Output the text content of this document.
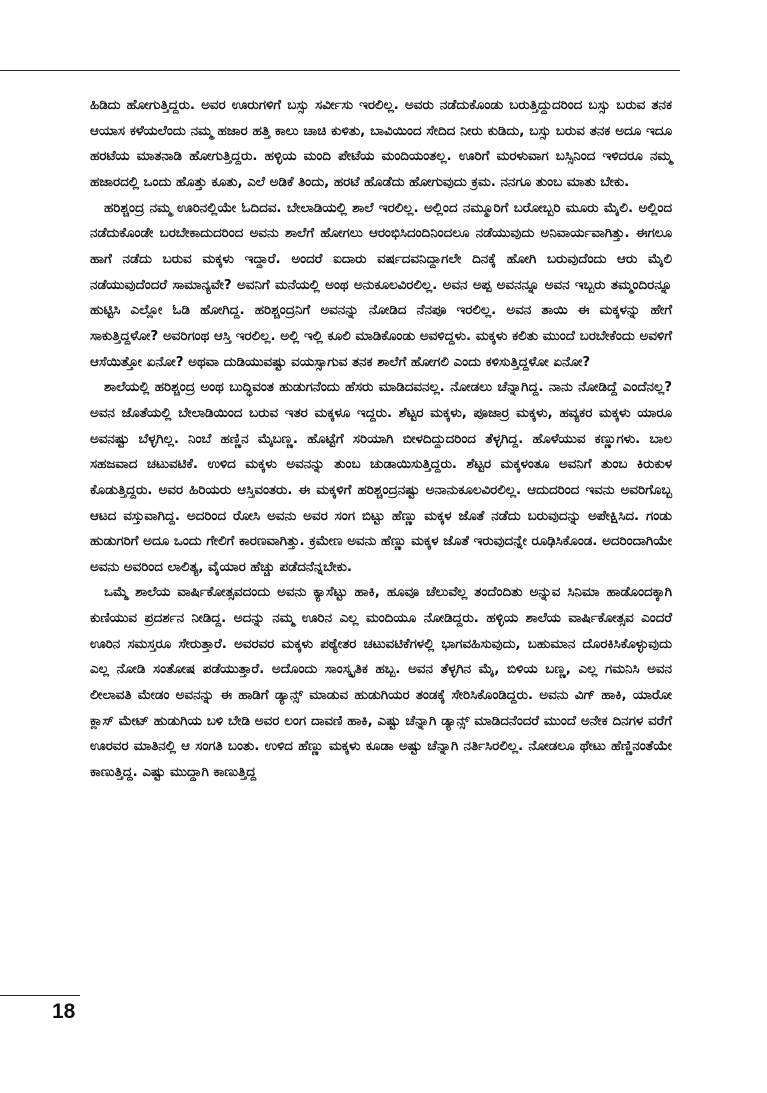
ಹಿಡಿದು ಹೋಗುತ್ತಿದ್ದರು. ಅವರ ಊರುಗಳಿಗೆ ಬಸ್ಸು ಸರ್ವೀಸು ಇರಲಿಲ್ಲ. ಅವರು ನಡೆದುಕೊಂಡು ಬರುತ್ತಿದ್ದುದರಿಂದ ಬಸ್ಸು ಬರುವ ತನಕ ಆಯಾಸ ಕಳೆಯಲೆಂದು ನಮ್ಮ ಹಜಾರ ಹತ್ತಿ ಕಾಲು ಚಾಚಿ ಕುಳಿತು, ಬಾವಿಯಿಂದ ಸೇದಿದ ನೀರು ಕುಡಿದು, ಬಸ್ಸು ಬರುವ ತನಕ ಅದೂ ಇದೂ ಹರಟೆಯ ಮಾತನಾಡಿ ಹೋಗುತ್ತಿದ್ದರು. ಹಳ್ಳಿಯ ಮಂದಿ ಪೇಟೆಯ ಮಂದಿಯಂತಲ್ಲ. ಊರಿಗೆ ಮರಳುವಾಗ ಬಸ್ಸಿನಿಂದ ಇಳಿದರೂ ನಮ್ಮ ಹಜಾರದಲ್ಲಿ ಒಂದು ಹೊತ್ತು ಕೂತು, ಎಲೆ ಅಡಿಕೆ ತಿಂದು, ಹರಟೆ ಹೊಡೆದು ಹೋಗುವುದು ಕ್ರಮ. ನನಗೂ ತುಂಬ ಮಾತು ಬೇಕು.

ಹರಿಶ್ಚಂದ್ರ ನಮ್ಮ ಊರಿನಲ್ಲಿಯೇ ಓದಿದವ. ಬೇಲಾಡಿಯಲ್ಲಿ ಶಾಲೆ ಇರಲಿಲ್ಲ. ಅಲ್ಲಿಂದ ನಮ್ಮೂರಿಗೆ ಬರೋಬ್ಬರಿ ಮೂರು ಮೈಲಿ. ಅಲ್ಲಿಂದ ನಡೆದುಕೊಂಡೇ ಬರಬೇಕಾದುದರಿಂದ ಅವನು ಶಾಲೆಗೆ ಹೋಗಲು ಆರಂಭಿಸಿದಂದಿನಿಂದಲೂ ನಡೆಯುವುದು ಅನಿವಾರ್ಯವಾಗಿತ್ತು. ಈಗಲೂ ಹಾಗೆ ನಡೆದು ಬರುವ ಮಕ್ಕಳು ಇದ್ದಾರೆ. ಅಂದರೆ ಐದಾರು ವರ್ಷದವನಿದ್ದಾಗಲೇ ದಿನಕ್ಕೆ ಹೋಗಿ ಬರುವುದೆಂದು ಆರು ಮೈಲಿ ನಡೆಯುವುದೆಂದರೆ ಸಾಮಾನ್ಯವೇ? ಅವನಿಗೆ ಮನೆಯಲ್ಲಿ ಅಂಥ ಅನುಕೂಲವಿರಲಿಲ್ಲ. ಅವನ ಅಪ್ಪ ಅವನನ್ನೂ ಅವನ ಇಬ್ಬರು ತಮ್ಮಂದಿರನ್ನೂ ಹುಟ್ಟಿಸಿ ಎಲ್ಲೋ ಓಡಿ ಹೋಗಿದ್ದ. ಹರಿಶ್ಚಂದ್ರನಿಗೆ ಅವನನ್ನು ನೋಡಿದ ನೆನಪೂ ಇರಲಿಲ್ಲ. ಅವನ ತಾಯಿ ಈ ಮಕ್ಕಳನ್ನು ಹೇಗೆ ಸಾಕುತ್ತಿದ್ದಳೋ? ಅವರಿಗಂಥ ಆಸ್ತಿ ಇರಲಿಲ್ಲ. ಅಲ್ಲಿ ಇಲ್ಲಿ ಕೂಲಿ ಮಾಡಿಕೊಂಡು ಅವಳಿದ್ದಳು. ಮಕ್ಕಳು ಕಲಿತು ಮುಂದೆ ಬರಬೇಕೆಂದು ಅವಳಿಗೆ ಆಸೆಯಿತ್ತೋ ಏನೋ? ಅಥವಾ ದುಡಿಯುವಷ್ಟು ವಯಸ್ಸಾಗುವ ತನಕ ಶಾಲೆಗೆ ಹೋಗಲಿ ಎಂದು ಕಳಿಸುತ್ತಿದ್ದಳೋ ಏನೋ?

ಶಾಲೆಯಲ್ಲಿ ಹರಿಶ್ಚಂದ್ರ ಅಂಥ ಬುದ್ಧಿವಂತ ಹುಡುಗನೆಂದು ಹೆಸರು ಮಾಡಿದವನಲ್ಲ. ನೋಡಲು ಚೆನ್ನಾಗಿದ್ದ. ನಾನು ನೋಡಿದ್ದೆ ಎಂದೆನಲ್ಲ? ಅವನ ಜೊತೆಯಲ್ಲಿ ಬೇಲಾಡಿಯಿಂದ ಬರುವ ಇತರ ಮಕ್ಕಳೂ ಇದ್ದರು. ಶೆಟ್ಟರ ಮಕ್ಕಳು, ಪೂಜಾರ್‍ರ ಮಕ್ಕಳು, ಹವ್ಯಕರ ಮಕ್ಕಳು ಯಾರೂ ಅವನಷ್ಟು ಬೆಳ್ಳಗಿಲ್ಲ. ನಿಂಬೆ ಹಣ್ಣಿನ ಮೈಬಣ್ಣ. ಹೊಟ್ಟೆಗೆ ಸರಿಯಾಗಿ ಬೀಳದಿದ್ದುದರಿಂದ ತೆಳ್ಳಗಿದ್ದ. ಹೊಳೆಯುವ ಕಣ್ಣುಗಳು. ಬಾಲ ಸಹಜವಾದ ಚಟುವಟಿಕೆ. ಉಳಿದ ಮಕ್ಕಳು ಅವನನ್ನು ತುಂಬ ಚುಡಾಯಿಸುತ್ತಿದ್ದರು. ಶೆಟ್ಟರ ಮಕ್ಕಳಂತೂ ಅವನಿಗೆ ತುಂಬ ಕಿರುಕುಳ ಕೊಡುತ್ತಿದ್ದರು. ಅವರ ಹಿರಿಯರು ಆಸ್ತಿವಂತರು. ಈ ಮಕ್ಕಳಿಗೆ ಹರಿಶ್ಚಂದ್ರನಷ್ಟು ಅನಾನುಕೂಲವಿರಲಿಲ್ಲ. ಆದುದರಿಂದ ಇವನು ಅವರಿಗೊಬ್ಬ ಆಟದ ವಸ್ತುವಾಗಿದ್ದ. ಅದರಿಂದ ರೋಸಿ ಅವನು ಅವರ ಸಂಗ ಬಿಟ್ಟು ಹೆಣ್ಣು ಮಕ್ಕಳ ಜೊತೆ ನಡೆದು ಬರುವುದನ್ನು ಅಪೇಕ್ಷಿಸಿದ. ಗಂಡು ಹುಡುಗರಿಗೆ ಅದೂ ಒಂದು ಗೇಲಿಗೆ ಕಾರಣವಾಗಿತ್ತು. ಕ್ರಮೇಣ ಅವನು ಹೆಣ್ಣು ಮಕ್ಕಳ ಜೊತೆ ಇರುವುದನ್ನೇ ರೂಢಿಸಿಕೊಂಡ. ಅದರಿಂದಾಗಿಯೇ ಅವನು ಅವರಿಂದ ಲಾಲಿತ್ಯ, ವೈಯಾರ ಹೆಚ್ಚು ಪಡೆದನೆನ್ನಬೇಕು.

ಒಮ್ಮೆ ಶಾಲೆಯ ವಾರ್ಷಿಕೋತ್ಸವದಂದು ಅವನು ಕ್ಯಾಸೆಟ್ಟು ಹಾಕಿ, ಹೂವೂ ಚೆಲುವೆಲ್ಲ ತಂದೆಂದಿತು ಅನ್ನುವ ಸಿನಿಮಾ ಹಾಡೊಂದಕ್ಕಾಗಿ ಕುಣಿಯುವ ಪ್ರದರ್ಶನ ನೀಡಿದ್ದ. ಅದನ್ನು ನಮ್ಮ ಊರಿನ ಎಲ್ಲ ಮಂದಿಯೂ ನೋಡಿದ್ದರು. ಹಳ್ಳಿಯ ಶಾಲೆಯ ವಾರ್ಷಿಕೋತ್ಸವ ಎಂದರೆ ಊರಿನ ಸಮಸ್ತರೂ ಸೇರುತ್ತಾರೆ. ಅವರವರ ಮಕ್ಕಳು ಪಠ್ಯೇತರ ಚಟುವಟಿಕೆಗಳಲ್ಲಿ ಭಾಗವಹಿಸುವುದು, ಬಹುಮಾನ ದೊರಕಿಸಿಕೊಳ್ಳುವುದು ಎಲ್ಲ ನೋಡಿ ಸಂತೋಷ ಪಡೆಯುತ್ತಾರೆ. ಅದೊಂದು ಸಾಂಸ್ಕೃತಿಕ ಹಬ್ಬ. ಅವನ ತೆಳ್ಳಗಿನ ಮೈ, ಬಿಳಿಯ ಬಣ್ಣ, ಎಲ್ಲ ಗಮನಿಸಿ ಅವನ ಲೀಲಾವತಿ ಮೇಡಂ ಅವನನ್ನು ಈ ಹಾಡಿಗೆ ಡ್ಯಾನ್ಸ್ ಮಾಡುವ ಹುಡುಗಿಯರ ತಂಡಕ್ಕೆ ಸೇರಿಸಿಕೊಂಡಿದ್ದರು. ಅವನು ವಿಗ್ ಹಾಕಿ, ಯಾರೋ ಕ್ಲಾಸ್ ಮೇಟ್ ಹುಡುಗಿಯ ಬಳಿ ಬೇಡಿ ಅವರ ಲಂಗ ದಾವಣಿ ಹಾಕಿ, ಎಷ್ಟು ಚೆನ್ನಾಗಿ ಡ್ಯಾನ್ಸ್ ಮಾಡಿದನೆಂದರೆ ಮುಂದೆ ಅನೇಕ ದಿನಗಳ ವರೆಗೆ ಊರವರ ಮಾತಿನಲ್ಲಿ ಆ ಸಂಗತಿ ಬಂತು. ಉಳಿದ ಹೆಣ್ಣು ಮಕ್ಕಳು ಕೂಡಾ ಅಷ್ಟು ಚೆನ್ನಾಗಿ ನರ್ತಿಸಿರಲಿಲ್ಲ. ನೋಡಲೂ ಥೇಟು ಹೆಣ್ಣಿನಂತೆಯೇ ಕಾಣುತ್ತಿದ್ದ. ಎಷ್ಟು ಮುದ್ದಾಗಿ ಕಾಣುತ್ತಿದ್ದ

18
